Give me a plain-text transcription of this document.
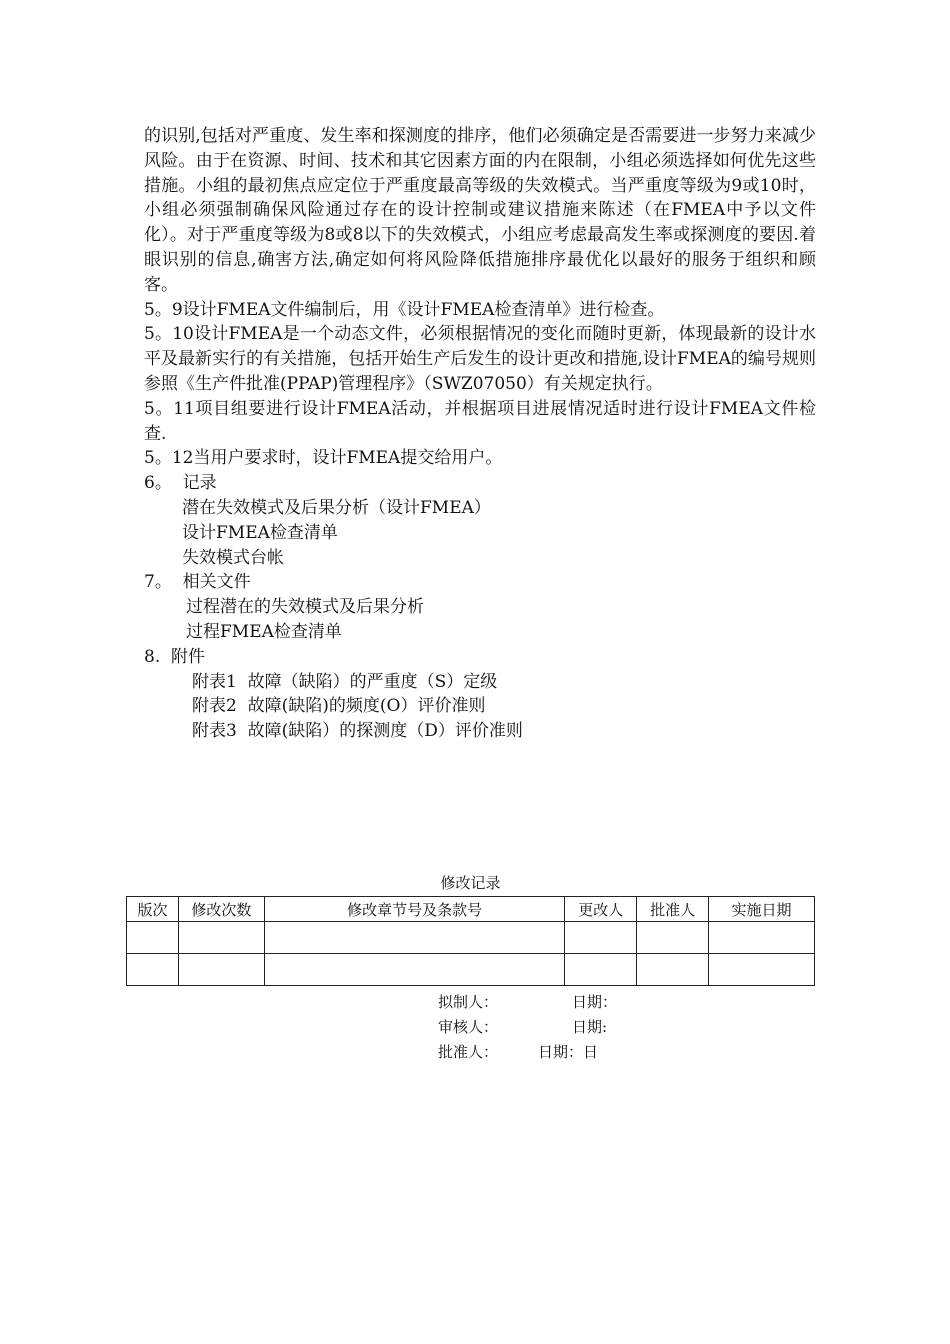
的识别,包括对严重度、发生率和探测度的排序，他们必须确定是否需要进一步努力来减少风险。由于在资源、时间、技术和其它因素方面的内在限制，小组必须选择如何优先这些措施。小组的最初焦点应定位于严重度最高等级的失效模式。当严重度等级为9或10时，小组必须强制确保风险通过存在的设计控制或建议措施来陈述（在FMEA中予以文件化）。对于严重度等级为8或8以下的失效模式，小组应考虑最高发生率或探测度的要因.着眼识别的信息,确害方法,确定如何将风险降低措施排序最优化以最好的服务于组织和顾客。

5。9设计FMEA文件编制后，用《设计FMEA检查清单》进行检查。

5。10设计FMEA是一个动态文件，必须根据情况的变化而随时更新，体现最新的设计水平及最新实行的有关措施，包括开始生产后发生的设计更改和措施,设计FMEA的编号规则参照《生产件批准(PPAP)管理程序》（SWZ07050）有关规定执行。

5。11项目组要进行设计FMEA活动，并根据项目进展情况适时进行设计FMEA文件检查.

5。12当用户要求时，设计FMEA提交给用户。

6。  记录

潜在失效模式及后果分析（设计FMEA）

设计FMEA检查清单

失效模式台帐

7。  相关文件

过程潜在的失效模式及后果分析

过程FMEA检查清单

8.  附件

附表1  故障（缺陷）的严重度（S）定级

附表2  故障(缺陷)的频度(O）评价准则

附表3  故障(缺陷）的探测度（D）评价准则

修改记录
版次	修改次数	修改章节号及条款号	更改人	批准人	实施日期

拟制人：	日期：
审核人：	日期:
批准人：	日期：日
